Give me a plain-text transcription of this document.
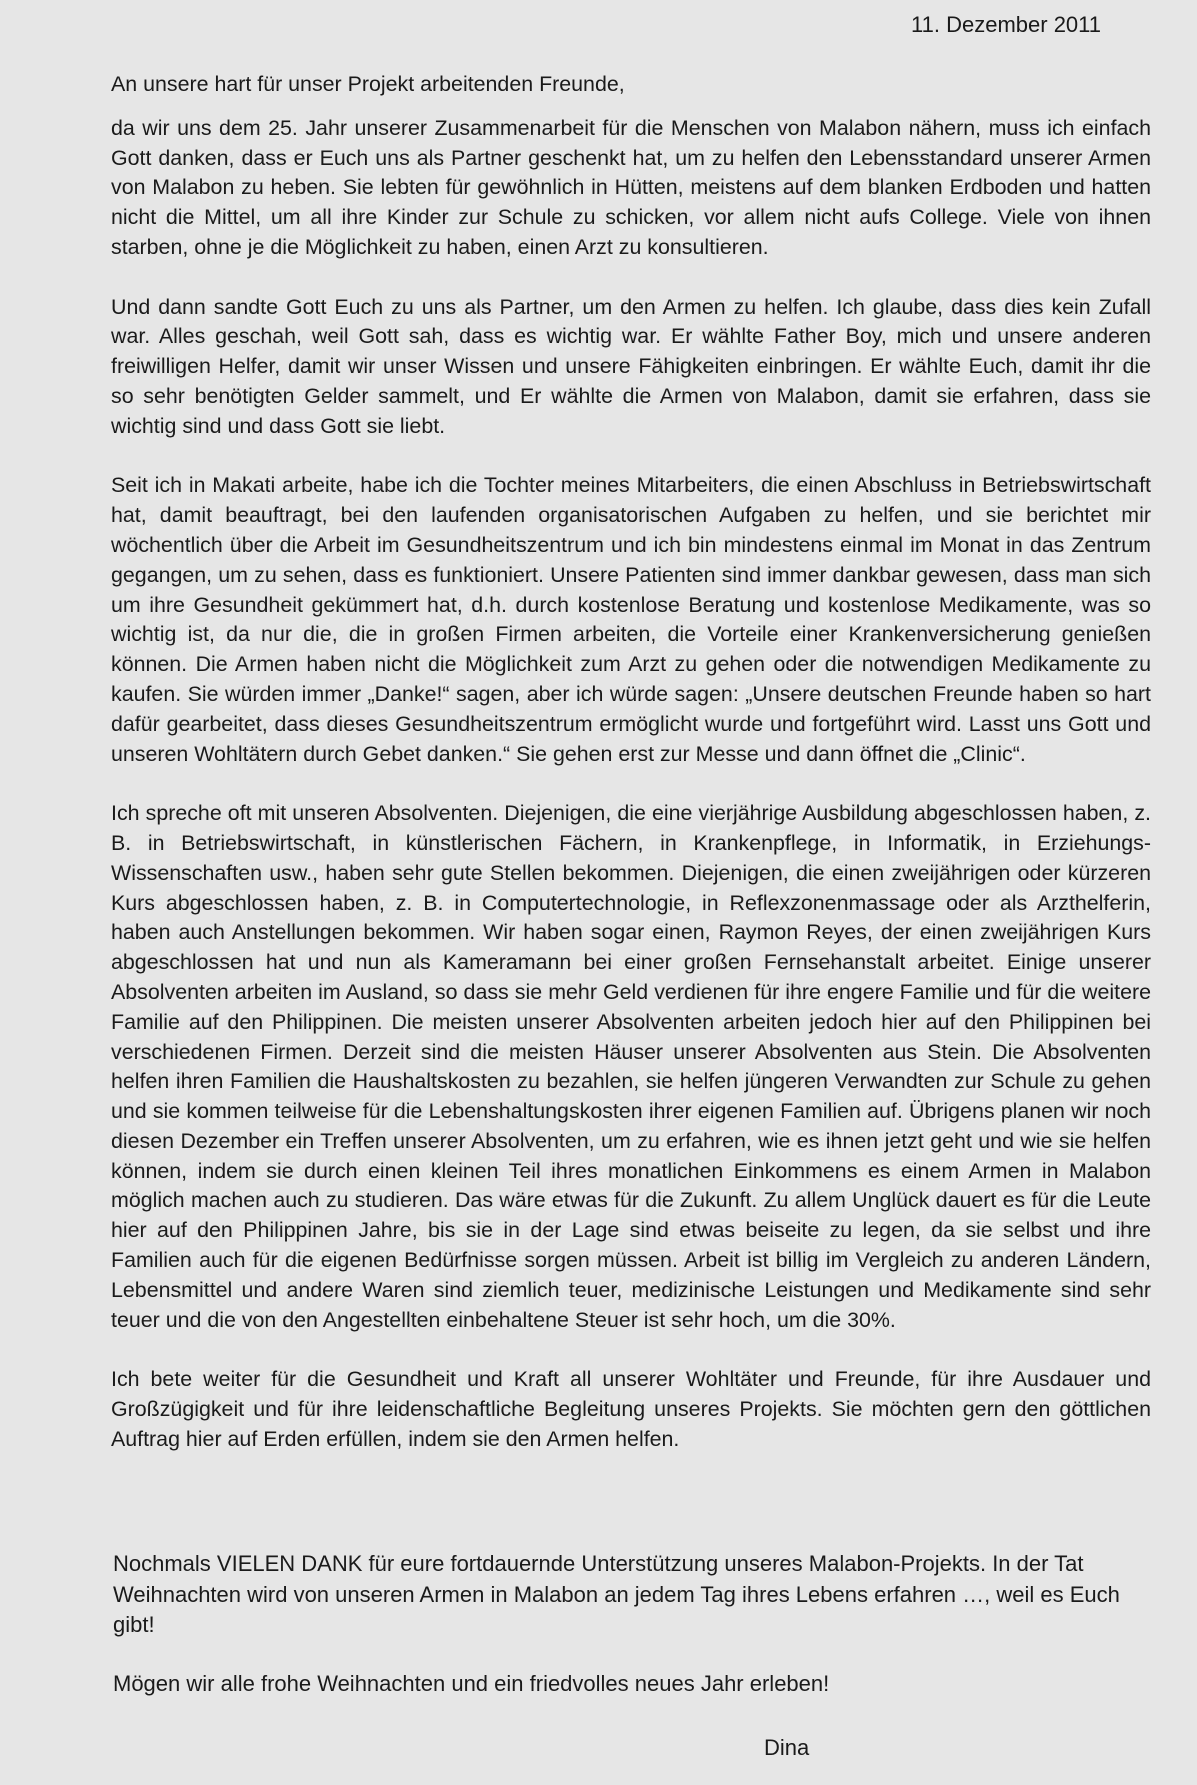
11. Dezember 2011

An unsere hart für unser Projekt arbeitenden Freunde,

da wir uns dem 25. Jahr unserer Zusammenarbeit für die Menschen von Malabon nähern, muss ich einfach Gott danken, dass er Euch uns als Partner geschenkt hat, um zu helfen den Lebensstandard unserer Armen von Malabon zu heben. Sie lebten für gewöhnlich in Hütten, meistens auf dem blanken Erdboden und hatten nicht die Mittel, um all ihre Kinder zur Schule zu schicken, vor allem nicht aufs College. Viele von ihnen starben, ohne je die Möglichkeit zu haben, einen Arzt zu konsultieren.

Und dann sandte Gott Euch zu uns als Partner, um den Armen zu helfen. Ich glaube, dass dies kein Zufall war. Alles geschah, weil Gott sah, dass es wichtig war. Er wählte Father Boy, mich und unsere anderen freiwilligen Helfer, damit wir unser Wissen und unsere Fähigkeiten einbringen. Er wählte Euch, damit ihr die so sehr benötigten Gelder sammelt, und Er wählte die Armen von Malabon, damit sie erfahren, dass sie wichtig sind und dass Gott sie liebt.

Seit ich in Makati arbeite, habe ich die Tochter meines Mitarbeiters, die einen Abschluss in Betriebswirtschaft hat, damit beauftragt, bei den laufenden organisatorischen Aufgaben zu helfen, und sie berichtet mir wöchentlich über die Arbeit im Gesundheitszentrum und ich bin mindestens einmal im Monat in das Zentrum gegangen, um zu sehen, dass es funktioniert. Unsere Patienten sind immer dankbar gewesen, dass man sich um ihre Gesundheit gekümmert hat, d.h. durch kostenlose Beratung und kostenlose Medikamente, was so wichtig ist, da nur die, die in großen Firmen arbeiten, die Vorteile einer Krankenversicherung genießen können. Die Armen haben nicht die Möglichkeit zum Arzt zu gehen oder die notwendigen Medikamente zu kaufen. Sie würden immer „Danke!“ sagen, aber ich würde sagen: „Unsere deutschen Freunde haben so hart dafür gearbeitet, dass dieses Gesundheitszentrum ermöglicht wurde und fortgeführt wird. Lasst uns Gott und unseren Wohltätern durch Gebet danken.“ Sie gehen erst zur Messe und dann öffnet die „Clinic“.

Ich spreche oft mit unseren Absolventen. Diejenigen, die eine vierjährige Ausbildung abgeschlossen haben, z. B. in Betriebswirtschaft, in künstlerischen Fächern, in Krankenpflege, in Informatik, in Erziehungs-Wissenschaften usw., haben sehr gute Stellen bekommen. Diejenigen, die einen zweijährigen oder kürzeren Kurs abgeschlossen haben, z. B. in Computertechnologie, in Reflexzonenmassage oder als Arzthelferin, haben auch Anstellungen bekommen. Wir haben sogar einen, Raymon Reyes, der einen zweijährigen Kurs abgeschlossen hat und nun als Kameramann bei einer großen Fernsehanstalt arbeitet. Einige unserer Absolventen arbeiten im Ausland, so dass sie mehr Geld verdienen für ihre engere Familie und für die weitere Familie auf den Philippinen. Die meisten unserer Absolventen arbeiten jedoch hier auf den Philippinen bei verschiedenen Firmen. Derzeit sind die meisten Häuser unserer Absolventen aus Stein. Die Absolventen helfen ihren Familien die Haushaltskosten zu bezahlen, sie helfen jüngeren Verwandten zur Schule zu gehen und sie kommen teilweise für die Lebenshaltungskosten ihrer eigenen Familien auf. Übrigens planen wir noch diesen Dezember ein Treffen unserer Absolventen, um zu erfahren, wie es ihnen jetzt geht und wie sie helfen können, indem sie durch einen kleinen Teil ihres monatlichen Einkommens es einem Armen in Malabon möglich machen auch zu studieren. Das wäre etwas für die Zukunft. Zu allem Unglück dauert es für die Leute hier auf den Philippinen Jahre, bis sie in der Lage sind etwas beiseite zu legen, da sie selbst und ihre Familien auch für die eigenen Bedürfnisse sorgen müssen. Arbeit ist billig im Vergleich zu anderen Ländern, Lebensmittel und andere Waren sind ziemlich teuer, medizinische Leistungen und Medikamente sind sehr teuer und die von den Angestellten einbehaltene Steuer ist sehr hoch, um die 30%.

Ich bete weiter für die Gesundheit und Kraft all unserer Wohltäter und Freunde, für ihre Ausdauer und Großzügigkeit und für ihre leidenschaftliche Begleitung unseres Projekts. Sie möchten gern den göttlichen Auftrag hier auf Erden erfüllen, indem sie den Armen helfen.

Nochmals VIELEN DANK für eure fortdauernde Unterstützung unseres Malabon-Projekts. In der Tat Weihnachten wird von unseren Armen in Malabon an jedem Tag ihres Lebens erfahren …, weil es Euch gibt!

Mögen wir alle frohe Weihnachten und ein friedvolles neues Jahr erleben!

Dina
